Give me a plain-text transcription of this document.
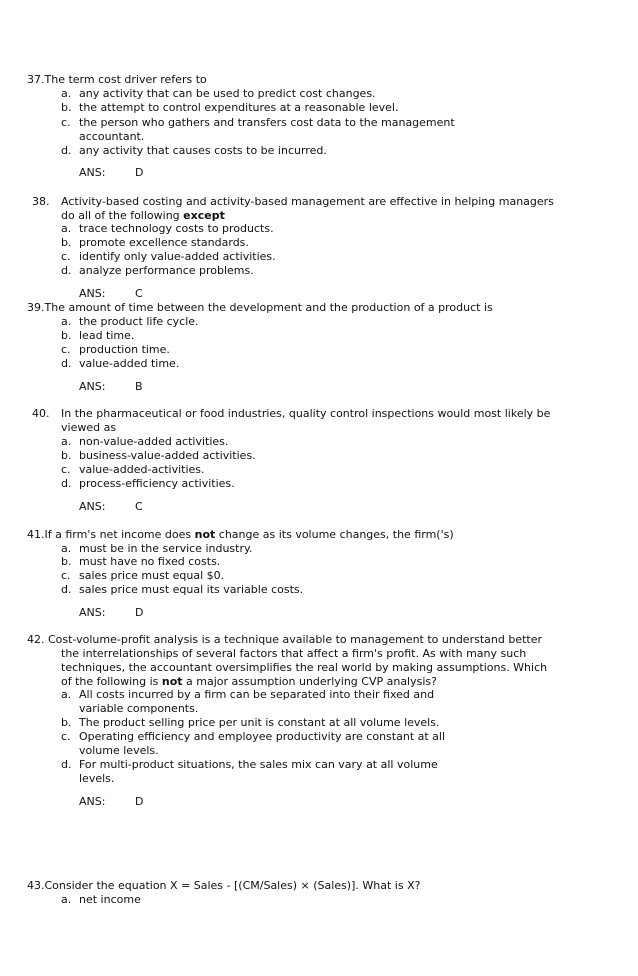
37.The term cost driver refers to
a. any activity that can be used to predict cost changes.
b. the attempt to control expenditures at a reasonable level.
c. the person who gathers and transfers cost data to the management
accountant.
d. any activity that causes costs to be incurred.
ANS:	D
38. Activity-based costing and activity-based management are effective in helping managers
do all of the following except
a. trace technology costs to products.
b. promote excellence standards.
c. identify only value-added activities.
d. analyze performance problems.
ANS:	C
39.The amount of time between the development and the production of a product is
a. the product life cycle.
b. lead time.
c. production time.
d. value-added time.
ANS:	B
40. In the pharmaceutical or food industries, quality control inspections would most likely be
viewed as
a. non-value-added activities.
b. business-value-added activities.
c. value-added-activities.
d. process-efficiency activities.
ANS:	C
41.If a firm's net income does not change as its volume changes, the firm('s)
a. must be in the service industry.
b. must have no fixed costs.
c. sales price must equal $0.
d. sales price must equal its variable costs.
ANS:	D
42. Cost-volume-profit analysis is a technique available to management to understand better
the interrelationships of several factors that affect a firm's profit. As with many such
techniques, the accountant oversimplifies the real world by making assumptions. Which
of the following is not a major assumption underlying CVP analysis?
a. All costs incurred by a firm can be separated into their fixed and
variable components.
b. The product selling price per unit is constant at all volume levels.
c. Operating efficiency and employee productivity are constant at all
volume levels.
d. For multi-product situations, the sales mix can vary at all volume
levels.
ANS:	D
43.Consider the equation X = Sales - [(CM/Sales) × (Sales)]. What is X?
a. net income
